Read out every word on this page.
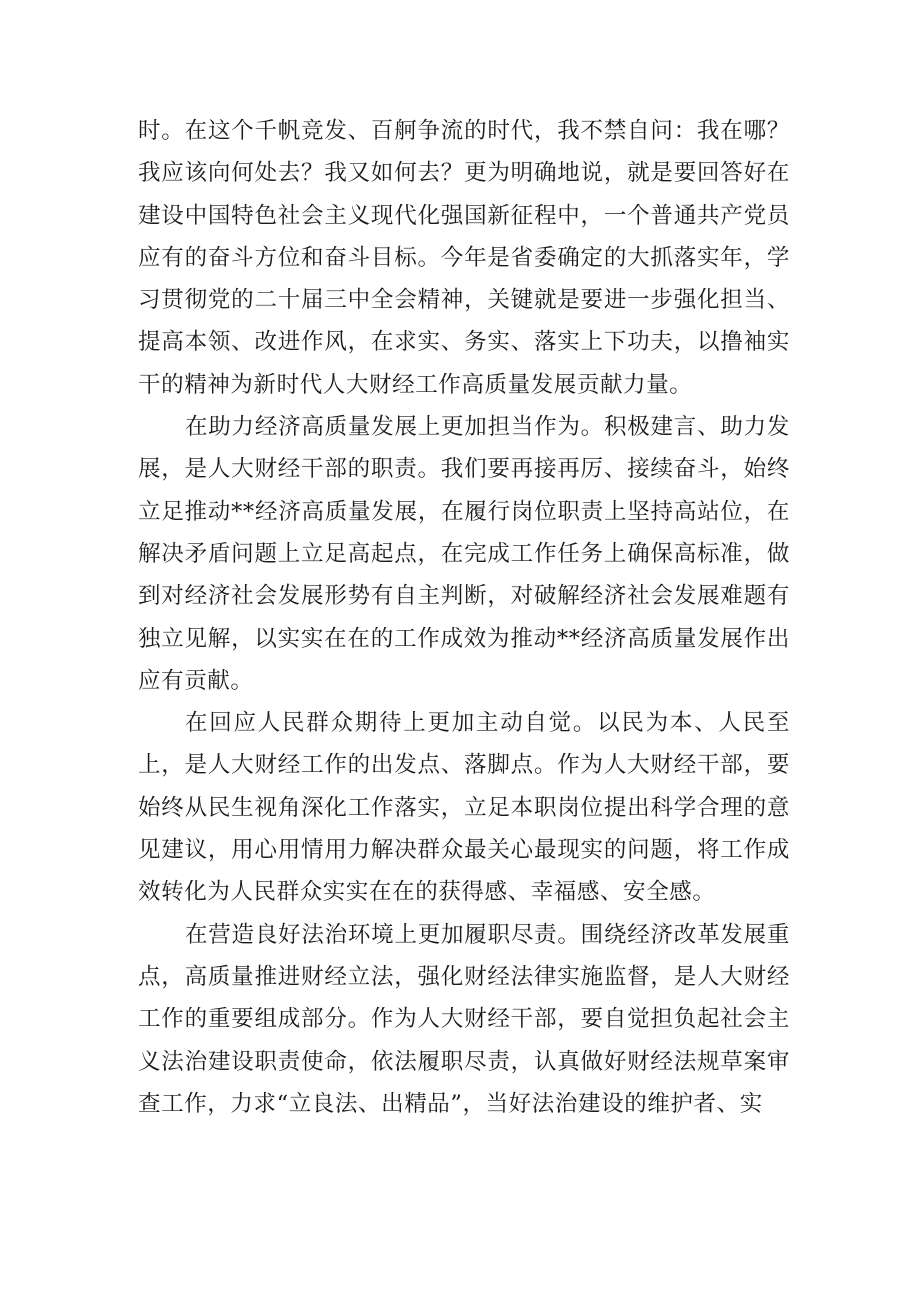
时。在这个千帆竞发、百舸争流的时代，我不禁自问：我在哪？我应该向何处去？我又如何去？更为明确地说，就是要回答好在建设中国特色社会主义现代化强国新征程中，一个普通共产党员应有的奋斗方位和奋斗目标。今年是省委确定的大抓落实年，学习贯彻党的二十届三中全会精神，关键就是要进一步强化担当、提高本领、改进作风，在求实、务实、落实上下功夫，以撸袖实干的精神为新时代人大财经工作高质量发展贡献力量。

在助力经济高质量发展上更加担当作为。积极建言、助力发展，是人大财经干部的职责。我们要再接再厉、接续奋斗，始终立足推动**经济高质量发展，在履行岗位职责上坚持高站位，在解决矛盾问题上立足高起点，在完成工作任务上确保高标准，做到对经济社会发展形势有自主判断，对破解经济社会发展难题有独立见解，以实实在在的工作成效为推动**经济高质量发展作出应有贡献。

在回应人民群众期待上更加主动自觉。以民为本、人民至上，是人大财经工作的出发点、落脚点。作为人大财经干部，要始终从民生视角深化工作落实，立足本职岗位提出科学合理的意见建议，用心用情用力解决群众最关心最现实的问题，将工作成效转化为人民群众实实在在的获得感、幸福感、安全感。

在营造良好法治环境上更加履职尽责。围绕经济改革发展重点，高质量推进财经立法，强化财经法律实施监督，是人大财经工作的重要组成部分。作为人大财经干部，要自觉担负起社会主义法治建设职责使命，依法履职尽责，认真做好财经法规草案审查工作，力求“立良法、出精品”，当好法治建设的维护者、实
